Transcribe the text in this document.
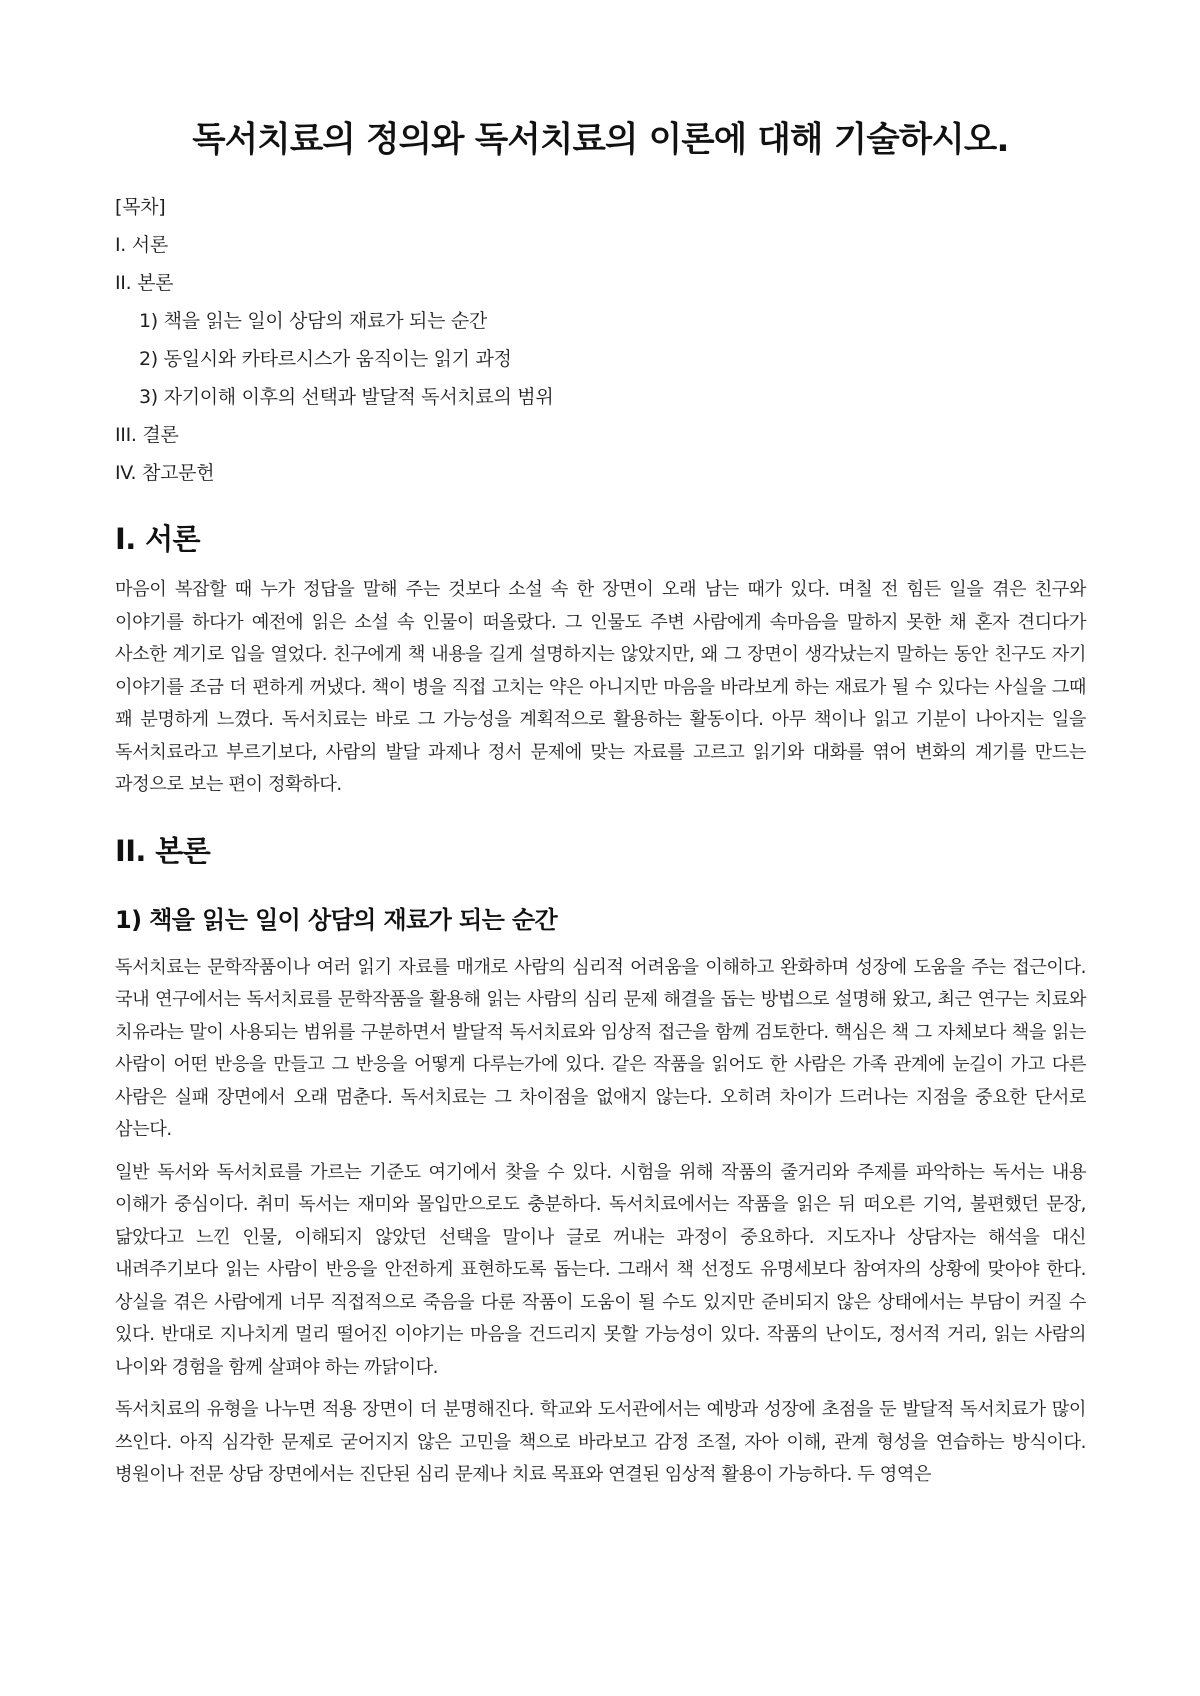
독서치료의 정의와 독서치료의 이론에 대해 기술하시오.
[목차]
I. 서론
II. 본론
1) 책을 읽는 일이 상담의 재료가 되는 순간
2) 동일시와 카타르시스가 움직이는 읽기 과정
3) 자기이해 이후의 선택과 발달적 독서치료의 범위
III. 결론
IV. 참고문헌
I. 서론

마음이 복잡할 때 누가 정답을 말해 주는 것보다 소설 속 한 장면이 오래 남는 때가 있다. 며칠 전 힘든 일을 겪은 친구와 이야기를 하다가 예전에 읽은 소설 속 인물이 떠올랐다. 그 인물도 주변 사람에게 속마음을 말하지 못한 채 혼자 견디다가 사소한 계기로 입을 열었다. 친구에게 책 내용을 길게 설명하지는 않았지만, 왜 그 장면이 생각났는지 말하는 동안 친구도 자기 이야기를 조금 더 편하게 꺼냈다. 책이 병을 직접 고치는 약은 아니지만 마음을 바라보게 하는 재료가 될 수 있다는 사실을 그때 꽤 분명하게 느꼈다. 독서치료는 바로 그 가능성을 계획적으로 활용하는 활동이다. 아무 책이나 읽고 기분이 나아지는 일을 독서치료라고 부르기보다, 사람의 발달 과제나 정서 문제에 맞는 자료를 고르고 읽기와 대화를 엮어 변화의 계기를 만드는 과정으로 보는 편이 정확하다.

II. 본론
1) 책을 읽는 일이 상담의 재료가 되는 순간

독서치료는 문학작품이나 여러 읽기 자료를 매개로 사람의 심리적 어려움을 이해하고 완화하며 성장에 도움을 주는 접근이다. 국내 연구에서는 독서치료를 문학작품을 활용해 읽는 사람의 심리 문제 해결을 돕는 방법으로 설명해 왔고, 최근 연구는 치료와 치유라는 말이 사용되는 범위를 구분하면서 발달적 독서치료와 임상적 접근을 함께 검토한다. 핵심은 책 그 자체보다 책을 읽는 사람이 어떤 반응을 만들고 그 반응을 어떻게 다루는가에 있다. 같은 작품을 읽어도 한 사람은 가족 관계에 눈길이 가고 다른 사람은 실패 장면에서 오래 멈춘다. 독서치료는 그 차이점을 없애지 않는다. 오히려 차이가 드러나는 지점을 중요한 단서로 삼는다.

일반 독서와 독서치료를 가르는 기준도 여기에서 찾을 수 있다. 시험을 위해 작품의 줄거리와 주제를 파악하는 독서는 내용 이해가 중심이다. 취미 독서는 재미와 몰입만으로도 충분하다. 독서치료에서는 작품을 읽은 뒤 떠오른 기억, 불편했던 문장, 닮았다고 느낀 인물, 이해되지 않았던 선택을 말이나 글로 꺼내는 과정이 중요하다. 지도자나 상담자는 해석을 대신 내려주기보다 읽는 사람이 반응을 안전하게 표현하도록 돕는다. 그래서 책 선정도 유명세보다 참여자의 상황에 맞아야 한다. 상실을 겪은 사람에게 너무 직접적으로 죽음을 다룬 작품이 도움이 될 수도 있지만 준비되지 않은 상태에서는 부담이 커질 수 있다. 반대로 지나치게 멀리 떨어진 이야기는 마음을 건드리지 못할 가능성이 있다. 작품의 난이도, 정서적 거리, 읽는 사람의 나이와 경험을 함께 살펴야 하는 까닭이다.

독서치료의 유형을 나누면 적용 장면이 더 분명해진다. 학교와 도서관에서는 예방과 성장에 초점을 둔 발달적 독서치료가 많이 쓰인다. 아직 심각한 문제로 굳어지지 않은 고민을 책으로 바라보고 감정 조절, 자아 이해, 관계 형성을 연습하는 방식이다. 병원이나 전문 상담 장면에서는 진단된 심리 문제나 치료 목표와 연결된 임상적 활용이 가능하다. 두 영역은
